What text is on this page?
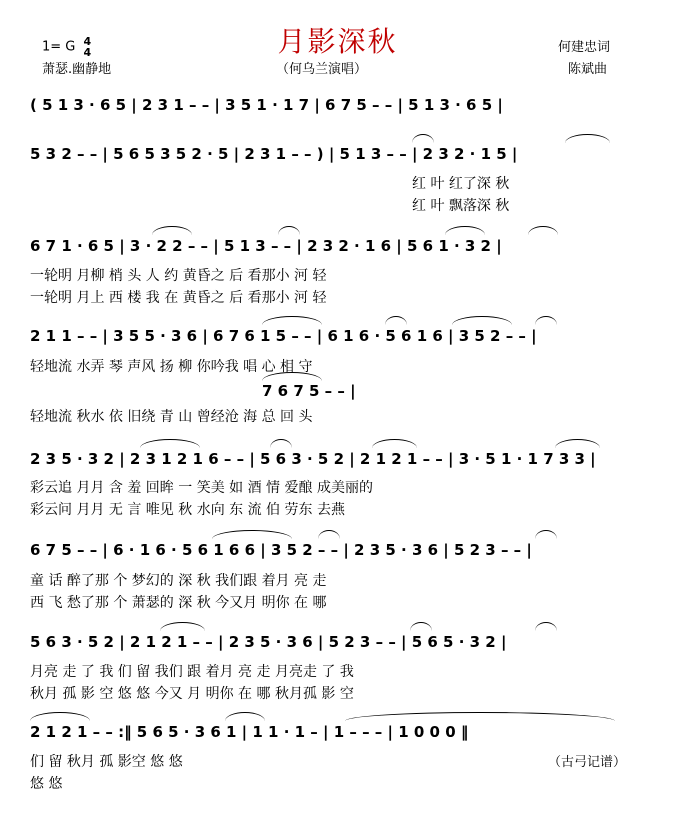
月影深秋
1= G 4
4
萧瑟.幽静地	（何乌兰演唱）
何建忠词
陈斌曲
( 5 1 3 · 6 5 | 2 3 1 – – | 3 5 1 · 1 7 | 6 7 5 – – | 5 1 3 · 6 5 |
5 3 2 – – | 5 6 5 3 5 2 · 5 | 2 3 1 – – ) | 5 1 3 – – | 2 3 2 · 1 5 |
红 叶 红了深 秋
红 叶 飘落深 秋
6 7 1 · 6 5 | 3 · 2 2 – – | 5 1 3 – – | 2 3 2 · 1 6 | 5 6 1 · 3 2 |
一轮明 月柳 梢 头 人 约 黄昏之 后 看那小 河 轻
一轮明 月上 西 楼 我 在 黄昏之 后 看那小 河 轻
2 1 1 – – | 3 5 5 · 3 6 | 6 7 6 1 5 – – | 6 1 6 · 5 6 1 6 | 3 5 2 – – |
轻地流 水弄 琴 声风 扬 柳 你吟我 唱 心 相 守
7 6 7 5 – – |
轻地流 秋水 依 旧绕 青 山 曾经沧 海 总 回 头
2 3 5 · 3 2 | 2 3 1 2 1 6 – – | 5 6 3 · 5 2 | 2 1 2 1 – – | 3 · 5 1 · 1 7 3 3 |
彩云追 月月 含 羞 回眸 一 笑美 如 酒 情 爱酿 成美丽的
彩云问 月月 无 言 唯见 秋 水向 东 流 伯 劳东 去燕
6 7 5 – – | 6 · 1 6 · 5 6 1 6 6 | 3 5 2 – – | 2 3 5 · 3 6 | 5 2 3 – – |
童 话 醉了那 个 梦幻的 深 秋 我们跟 着月 亮 走
西 飞 愁了那 个 萧瑟的 深 秋 今又月 明你 在 哪
5 6 3 · 5 2 | 2 1 2 1 – – | 2 3 5 · 3 6 | 5 2 3 – – | 5 6 5 · 3 2 |
月亮 走 了 我 们 留 我们 跟 着月 亮 走 月亮走 了 我
秋月 孤 影 空 悠 悠 今又 月 明你 在 哪 秋月孤 影 空
2 1 2 1 – – :‖ 5 6 5 · 3 6 1 | 1 1 · 1 – | 1 – – – | 1 0 0 0 ‖
们 留 秋月 孤 影空 悠 悠
悠 悠
（古弓记谱）
